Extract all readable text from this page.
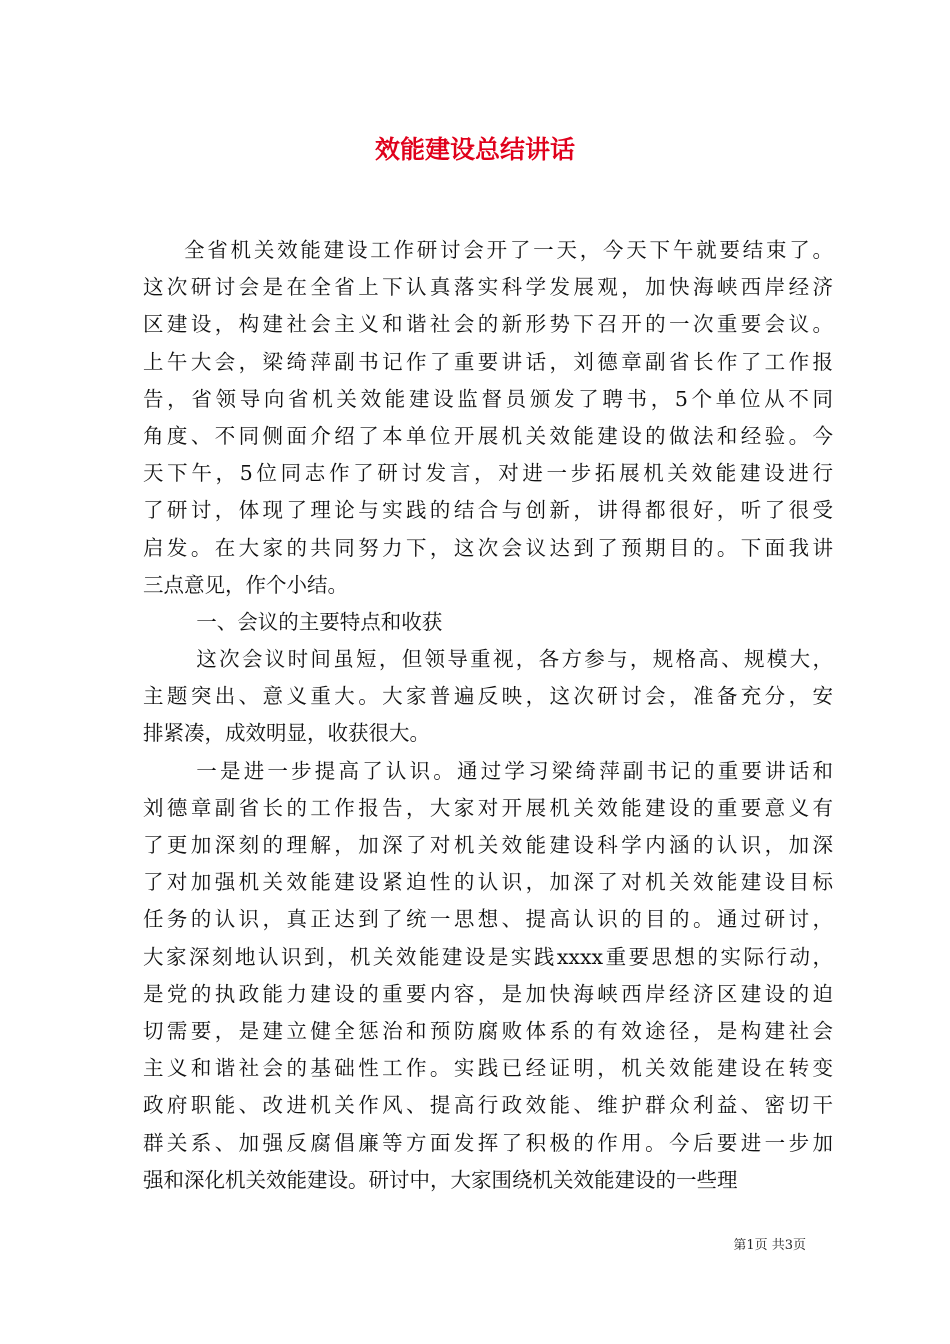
效能建设总结讲话
全省机关效能建设工作研讨会开了一天，今天下午就要结束了。
这次研讨会是在全省上下认真落实科学发展观，加快海峡西岸经济
区建设，构建社会主义和谐社会的新形势下召开的一次重要会议。
上午大会，梁绮萍副书记作了重要讲话，刘德章副省长作了工作报
告，省领导向省机关效能建设监督员颁发了聘书，5个单位从不同
角度、不同侧面介绍了本单位开展机关效能建设的做法和经验。今
天下午，5位同志作了研讨发言，对进一步拓展机关效能建设进行
了研讨，体现了理论与实践的结合与创新，讲得都很好，听了很受
启发。在大家的共同努力下，这次会议达到了预期目的。下面我讲
三点意见，作个小结。
一、会议的主要特点和收获
这次会议时间虽短，但领导重视，各方参与，规格高、规模大，
主题突出、意义重大。大家普遍反映，这次研讨会，准备充分，安
排紧凑，成效明显，收获很大。
一是进一步提高了认识。通过学习梁绮萍副书记的重要讲话和
刘德章副省长的工作报告，大家对开展机关效能建设的重要意义有
了更加深刻的理解，加深了对机关效能建设科学内涵的认识，加深
了对加强机关效能建设紧迫性的认识，加深了对机关效能建设目标
任务的认识，真正达到了统一思想、提高认识的目的。通过研讨，
大家深刻地认识到，机关效能建设是实践xxxx重要思想的实际行动，
是党的执政能力建设的重要内容，是加快海峡西岸经济区建设的迫
切需要，是建立健全惩治和预防腐败体系的有效途径，是构建社会
主义和谐社会的基础性工作。实践已经证明，机关效能建设在转变
政府职能、改进机关作风、提高行政效能、维护群众利益、密切干
群关系、加强反腐倡廉等方面发挥了积极的作用。今后要进一步加
强和深化机关效能建设。研讨中，大家围绕机关效能建设的一些理
第1页 共3页
